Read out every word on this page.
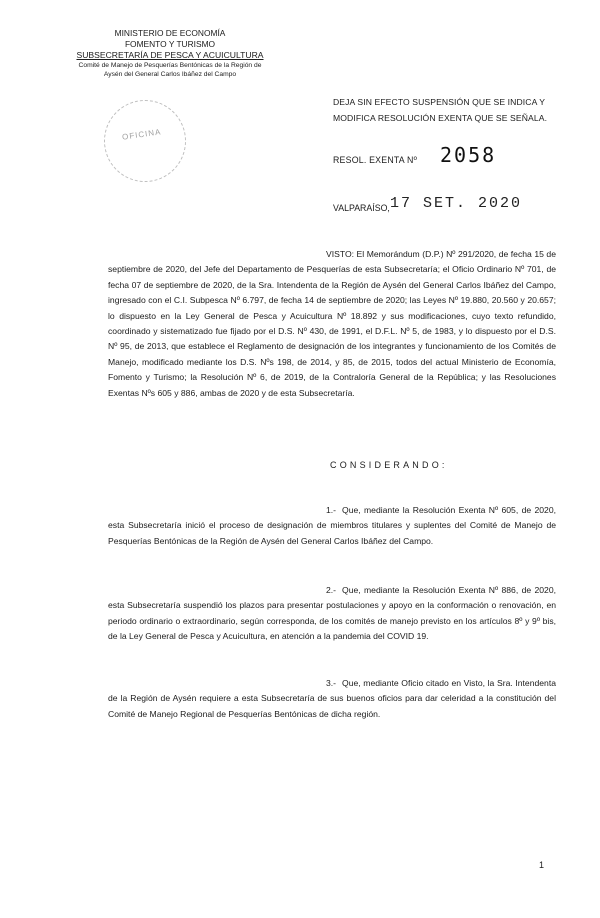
MINISTERIO DE ECONOMÍA
FOMENTO Y TURISMO
SUBSECRETARÍA DE PESCA Y ACUICULTURA
Comité de Manejo de Pesquerías Bentónicas de la Región de
Aysén del General Carlos Ibáñez del Campo
OFICINA
DEJA SIN EFECTO SUSPENSIÓN QUE SE INDICA Y MODIFICA RESOLUCIÓN EXENTA QUE SE SEÑALA.
RESOL. EXENTA Nº 2058
VALPARAÍSO, 17 SET. 2020
VISTO: El Memorándum (D.P.) Nº 291/2020, de fecha 15 de septiembre de 2020, del Jefe del Departamento de Pesquerías de esta Subsecretaría; el Oficio Ordinario Nº 701, de fecha 07 de septiembre de 2020, de la Sra. Intendenta de la Región de Aysén del General Carlos Ibáñez del Campo, ingresado con el C.I. Subpesca Nº 6.797, de fecha 14 de septiembre de 2020; las Leyes Nº 19.880, 20.560 y 20.657; lo dispuesto en la Ley General de Pesca y Acuicultura Nº 18.892 y sus modificaciones, cuyo texto refundido, coordinado y sistematizado fue fijado por el D.S. Nº 430, de 1991, el D.F.L. Nº 5, de 1983, y lo dispuesto por el D.S. Nº 95, de 2013, que establece el Reglamento de designación de los integrantes y funcionamiento de los Comités de Manejo, modificado mediante los D.S. Nºs 198, de 2014, y 85, de 2015, todos del actual Ministerio de Economía, Fomento y Turismo; la Resolución Nº 6, de 2019, de la Contraloría General de la República; y las Resoluciones Exentas Nºs 605 y 886, ambas de 2020 y de esta Subsecretaría.
CONSIDERANDO:
1.- Que, mediante la Resolución Exenta Nº 605, de 2020, esta Subsecretaría inició el proceso de designación de miembros titulares y suplentes del Comité de Manejo de Pesquerías Bentónicas de la Región de Aysén del General Carlos Ibáñez del Campo.
2.- Que, mediante la Resolución Exenta Nº 886, de 2020, esta Subsecretaría suspendió los plazos para presentar postulaciones y apoyo en la conformación o renovación, en periodo ordinario o extraordinario, según corresponda, de los comités de manejo previsto en los artículos 8º y 9º bis, de la Ley General de Pesca y Acuicultura, en atención a la pandemia del COVID 19.
3.- Que, mediante Oficio citado en Visto, la Sra. Intendenta de la Región de Aysén requiere a esta Subsecretaría de sus buenos oficios para dar celeridad a la constitución del Comité de Manejo Regional de Pesquerías Bentónicas de dicha región.
1
